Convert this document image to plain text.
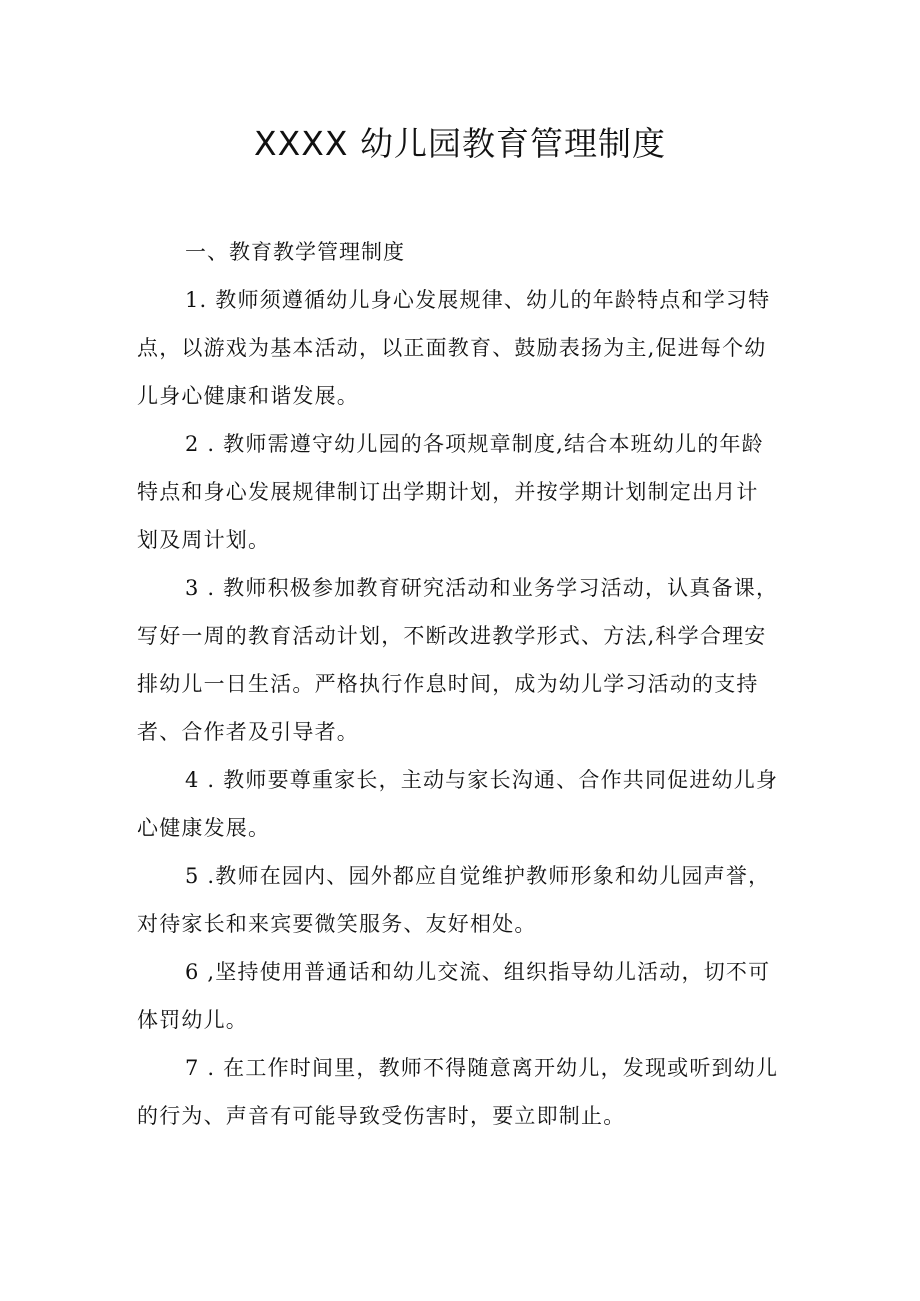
XXXX 幼儿园教育管理制度
一、教育教学管理制度
1. 教师须遵循幼儿身心发展规律、幼儿的年龄特点和学习特
点，以游戏为基本活动，以正面教育、鼓励表扬为主,促进每个幼
儿身心健康和谐发展。
2 . 教师需遵守幼儿园的各项规章制度,结合本班幼儿的年龄
特点和身心发展规律制订出学期计划，并按学期计划制定出月计
划及周计划。
3 . 教师积极参加教育研究活动和业务学习活动，认真备课，
写好一周的教育活动计划，不断改进教学形式、方法,科学合理安
排幼儿一日生活。严格执行作息时间，成为幼儿学习活动的支持
者、合作者及引导者。
4 . 教师要尊重家长，主动与家长沟通、合作共同促进幼儿身
心健康发展。
5 .教师在园内、园外都应自觉维护教师形象和幼儿园声誉，
对待家长和来宾要微笑服务、友好相处。
6 ,坚持使用普通话和幼儿交流、组织指导幼儿活动，切不可
体罚幼儿。
7 . 在工作时间里，教师不得随意离开幼儿，发现或听到幼儿
的行为、声音有可能导致受伤害时，要立即制止。
